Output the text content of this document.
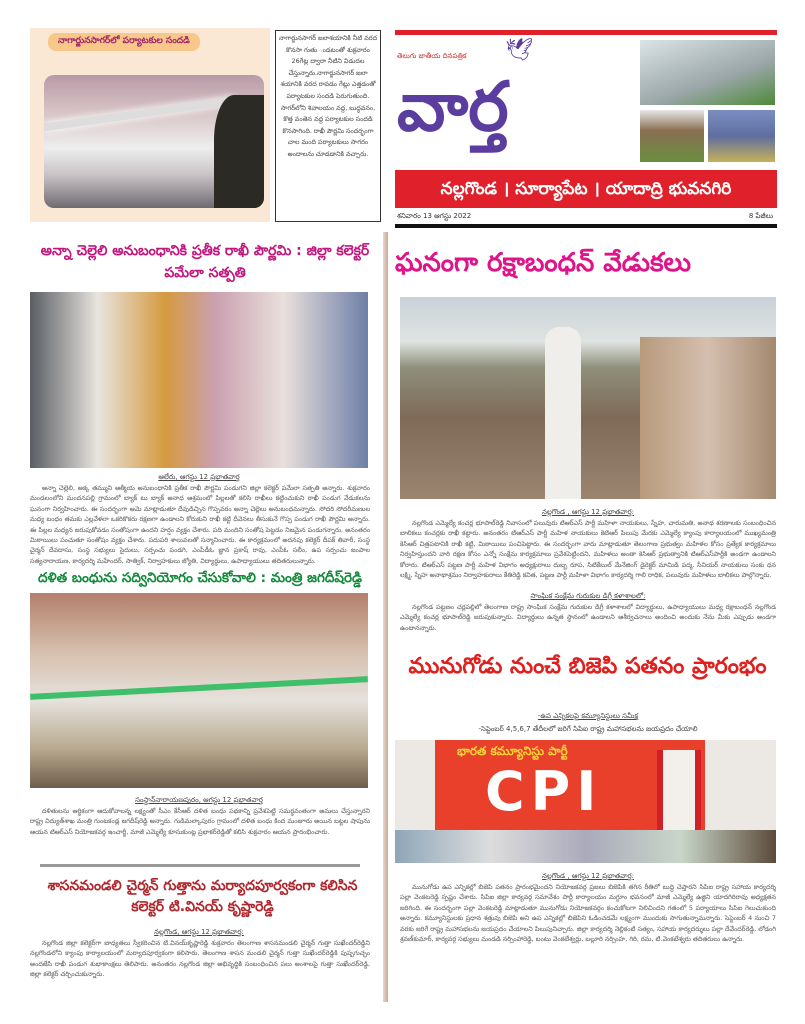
నాగార్జునసాగర్‌లో పర్యాటకుల సందడి	నాగార్జునసాగర్ జలాశయానికి నీటి వరద కొనసా గుతు ండటంతో శుక్రవారం 26గేట్ల ద్వారా నీటిని విడుదల చేస్తున్నారు.నాగార్జునసాగర్ జలా శయానికి వరద రావడం గేట్లు ఎత్తడంతో పర్యాటకుల సందడి పెరుగుతుంది. సాగర్‌లోని శివాలయం వద్ద, బుద్ధవనం, కొత్త వంతెన వద్ద పర్యాటకుల సందడి కొనసాగింది. రాఖీ పౌర్ణమి సందర్భంగా చాల మంది పర్యాటకులు సాగరం అందాలను చూడడానికి వచ్చారు.
తెలుగు జాతీయ దినపత్రిక 🕊
వార్త
నల్లగొండ । సూర్యాపేట । యాదాద్రి భువనగిరి
శనివారం 13 ఆగస్టు 2022	8 పేజీలు
అన్నా చెల్లెలి అనుబంధానికి ప్రతీక రాఖీ పౌర్ణమి : జిల్లా కలెక్టర్ పమేలా సత్పతి
ఆలేరు, ఆగస్టు 12 ప్రభాతవార్త
అన్నా చెల్లెలి, అక్క తమ్ముని ఆత్మీయ అనుబంధానికి ప్రతీక రాఖీ పౌర్ణమి పండుగని జిల్లా కలెక్టర్ పమేలా సత్పతి అన్నారు. శుక్రవారం మండలంలోని మందనపల్లి గ్రామంలో బ్యాక్ టు బ్యాక్ అనాధ ఆశ్రమంలో పిల్లలతో కలిసి రాఖీలు కట్టించుకుని రాఖీ పండుగ వేడుకలను ఘనంగా నిర్వహించారు. ఈ సందర్భంగా ఆమె మాట్లాడుతూ దేవుడిచ్చిన గొప్పవరం అన్నా చెల్లెలు అనుబంధమన్నారు. సోదరి సోదరీమణుల మధ్య బంధం తమకు ఎల్లవేళలా ఒకరికొకరు రక్షణగా ఉండాలని కోరుకుని రాఖీ కట్టి దీవెనలు తీసుకునే గొప్ప పండుగ రాఖీ పౌర్ణమి అన్నారు. ఈ పిల్లల మధ్యన జరుపుకోవడం సంతోషంగా ఉందని హర్షం వ్యక్తం చేశారు. పది మందిని సంతోష పెట్టడం నిజమైన పండుగన్నారు. అనంతరం మిఠాయిలు పంచుతూ సంతోషం వ్యక్తం చేశారు. పదుపరి శాలువలతో సన్మానించారు. ఈ కార్యక్రమంలో అదనపు కలెక్టర్ దీపక్ తివారీ, సంస్థ చైర్మన్ దేవదాసు, సంస్థ సభ్యులు సైదులు, సర్పంచు పండగి, ఎంపీడీఓ జ్ఞాన ప్రకాష్ రావు, ఎంపీఓ సలీం, ఉప సర్పంచు జంపాల సత్యనారాయణ, కార్యదర్శి మహేందర్, సాత్విక్, నిర్వాహకులు జ్యోతి, విద్యార్థులు, ఉపాధ్యాయులు తదితరులున్నారు.
దళిత బంధును సద్వినియోగం చేసుకోవాలి : మంత్రి జగదీష్‌రెడ్డి
సంస్థాన్‌నారాయణపురం, ఆగస్టు 12 ప్రభాతవార్త
దళితులను ఆర్థికంగా ఆదుకోవాలన్న లక్ష్యంతో సీఎం కేసీఆర్ దళిత బంధు పథకాన్ని ప్రవేశపెట్టి సమర్థవంతంగా అమలు చేస్తున్నారని రాష్ట్ర విద్యుత్‌శాఖ మంత్రి గుంటకండ్ల జగదీష్‌రెడ్డి అన్నారు. గుడిమల్కాపురం గ్రామంలో దళిత బంధు కింద మంజూరు అయిన బట్టల షాపును ఆయన టిఆర్ఎస్ నియోజకవర్గ ఇంచార్జీ, మాజీ ఎమ్మెల్యే కూసుకుంట్ల ప్రభాకర్‌రెడ్డితో కలిసి శుక్రవారం ఆయన ప్రారంభించారు.
శాసనమండలి చైర్మన్ గుత్తాను మర్యాదపూర్వకంగా కలిసిన కలెక్టర్ టి.వినయ్ కృష్ణారెడ్డి
నల్లగొండ, ఆగస్టు 12 ప్రభాతవార్త:
నల్లగొండ జిల్లా కలెక్టర్‌గా బాధ్యతలు స్వీకరించిన టి.వినయ్‌కృష్ణారెడ్డి శుక్రవారం తెలంగాణ శాసనమండలి చైర్మన్ గుత్తా సుఖేందర్‌రెడ్డిని నల్లగొండలోని క్యాంపు కార్యాలయంలో మర్యాదపూర్వకంగా కలిసారు. తెలంగాణ శాసన మండలి చైర్మన్ గుత్తా సుఖేందర్‌రెడ్డికి పుష్పగుచ్ఛం అందజేసి రాఖీ పండుగ శుభాకాంక్షలు తెలిపారు. అనంతరం నల్లగొండ జిల్లా అభివృద్ధికి సంబంధించిన పలు అంశాలపై గుత్తా సుఖేందర్‌రెడ్డి, జిల్లా కలెక్టర్ చర్చించుకున్నారు.
ఘనంగా రక్షాబంధన్ వేడుకలు
నల్లగొండ , ఆగస్టు 12 ప్రభాతవార్త:
నల్లగొండ ఎమ్మెల్యే కంచర్ల భూపాల్‌రెడ్డి నివాసంలో పలువురు టిఆర్ఎస్ పార్టీ మహిళా నాయకులు, స్నేహ, చారుమతి, అనాథ శరణాలకు సంబంధించిన బాలికలు కంచర్లకు రాఖీ కట్టారు. అనంతరం టిఆర్ఎస్ పార్టీ మహిళ నాయకులు కెటిఆర్ పిలుపు మేరకు ఎమ్మెల్యే క్యాంపు కార్యాలయంలో ముఖ్యమంత్రి కెసిఆర్ చిత్రపటానికి రాఖీ కట్టి, మిఠాయిలు పంచిపెట్టారు. ఈ సందర్భంగా వారు మాట్లాడుతూ తెలంగాణ ప్రభుత్వం మహిళల కోసం ప్రత్యేక కార్యక్రమాలు నిర్వహిస్తుందని వారి రక్షణ కోసం ఎన్నో సంక్షేమ కార్యక్రమాలు ప్రవేశపెట్టిందని, మహిళలు అంతా కెసిఆర్ ప్రభుత్వానికి టిఆర్ఎస్‌పార్టీకి అండగా ఉండాలని కోరారు. టిఆర్ఎస్ పట్టణ పార్టీ మహిళ విభాగం అధ్యక్షురాలు దుబ్బ రూప, సిటికేబుల్ మేనేజింగ్ డైరెక్టర్ మామిడి పద్మ, సీనియర్ నాయకులు సంకు ధన లక్ష్మి, స్నేహ అనాథాశ్రమం నిర్వాహకురాలు కేతిరెడ్డి కవిత, పట్టణ పార్టీ మహిళా విభాగం కార్యదర్శి గాలి రాధిక, పలువురు మహిళలు బాలికలు పాల్గొన్నారు.
సాంఘిక సంక్షేమ గురుకుల డిగ్రీ కళాశాలలో:
నల్లగొండ పట్టణం చర్లపల్లిలో తెలంగాణ రాష్ట్ర సాంఘిక సంక్షేమ గురుకుల డిగ్రీ కళాశాలలో విద్యార్థులు, ఉపాధ్యాయులు మధ్య రక్షాబంధన్ నల్లగొండ ఎమ్మెల్యే కంచర్ల భూపాల్‌రెడ్డి జరుపుకున్నారు. విద్యార్థులు ఉన్నత స్థానంలో ఉండాలని ఆశీర్వచనాలు అందించి అందుకు నేను మీకు ఎప్పుడు అండగా ఉంటానన్నారు.
మునుగోడు నుంచే బిజెపి పతనం ప్రారంభం
-ఉప ఎన్నికలపై కమ్యూనిస్టులు సమీక్ష
-సెప్టెంబర్ 4,5,6,7 తేదీలలో జరిగే సిపిఐ రాష్ట్ర మహాసభలను జయప్రదం చేయాలి
భారత కమ్యూనిస్టు పార్టీ
CPI
నల్లగొండ , ఆగస్టు 12 ప్రభాతవార్త:
మునుగోడు ఉప ఎన్నికల్లో బిజెపి పతనం ప్రారంభమైందని నియోజకవర్గ ప్రజలు బిజెపికి తగిన రీతిలో బుద్ధి చెప్తారని సిపిఐ రాష్ట్ర సహాయ కార్యదర్శి పల్లా వెంకటరెడ్డి స్పష్టం చేశారు. సిపిఐ జిల్లా కార్యవర్గ సమావేశం పార్టీ కార్యాలయం మగ్దూం భవనంలో మాజీ ఎమ్మెల్యే ఉజ్జిని యాదగిరిరావు అధ్యక్షతన జరిగింది. ఈ సందర్భంగా పల్లా వెంకటరెడ్డి మాట్లాడుతూ మునుగోడు నియోజకవర్గం కంచుకోటగా నిలిచిందని గతంలో 5 పర్యాయాలు సిపిఐ గెలుచుకుంది అన్నారు. కమ్యూనిస్టులకు ప్రధాన శత్రువు బిజెపి అని ఉప ఎన్నికల్లో బిజెపిని ఓడించడమే లక్ష్యంగా ముందుకు సాగుతున్నామన్నారు. సెప్టెంబర్ 4 నుంచి 7 వరకు జరిగే రాష్ట్ర మహాసభలను జయప్రదం చేయాలని పిలుపునిచ్చారు. జిల్లా కార్యదర్శి నెల్లికంటి సత్యం, సహాయ కార్యదర్శులు పల్లా దేవేందర్‌రెడ్డి, లోడంగి శ్రవణ్‌కుమార్, కార్యవర్గ సభ్యులు మండడి నర్సింహారెడ్డి, బంటు వెంకటేశ్వర్లు, బల్లూరి నర్సింహ, గిరి, రమ, టి.వెంకటేశ్వరు తదితరులు ఉన్నారు.
